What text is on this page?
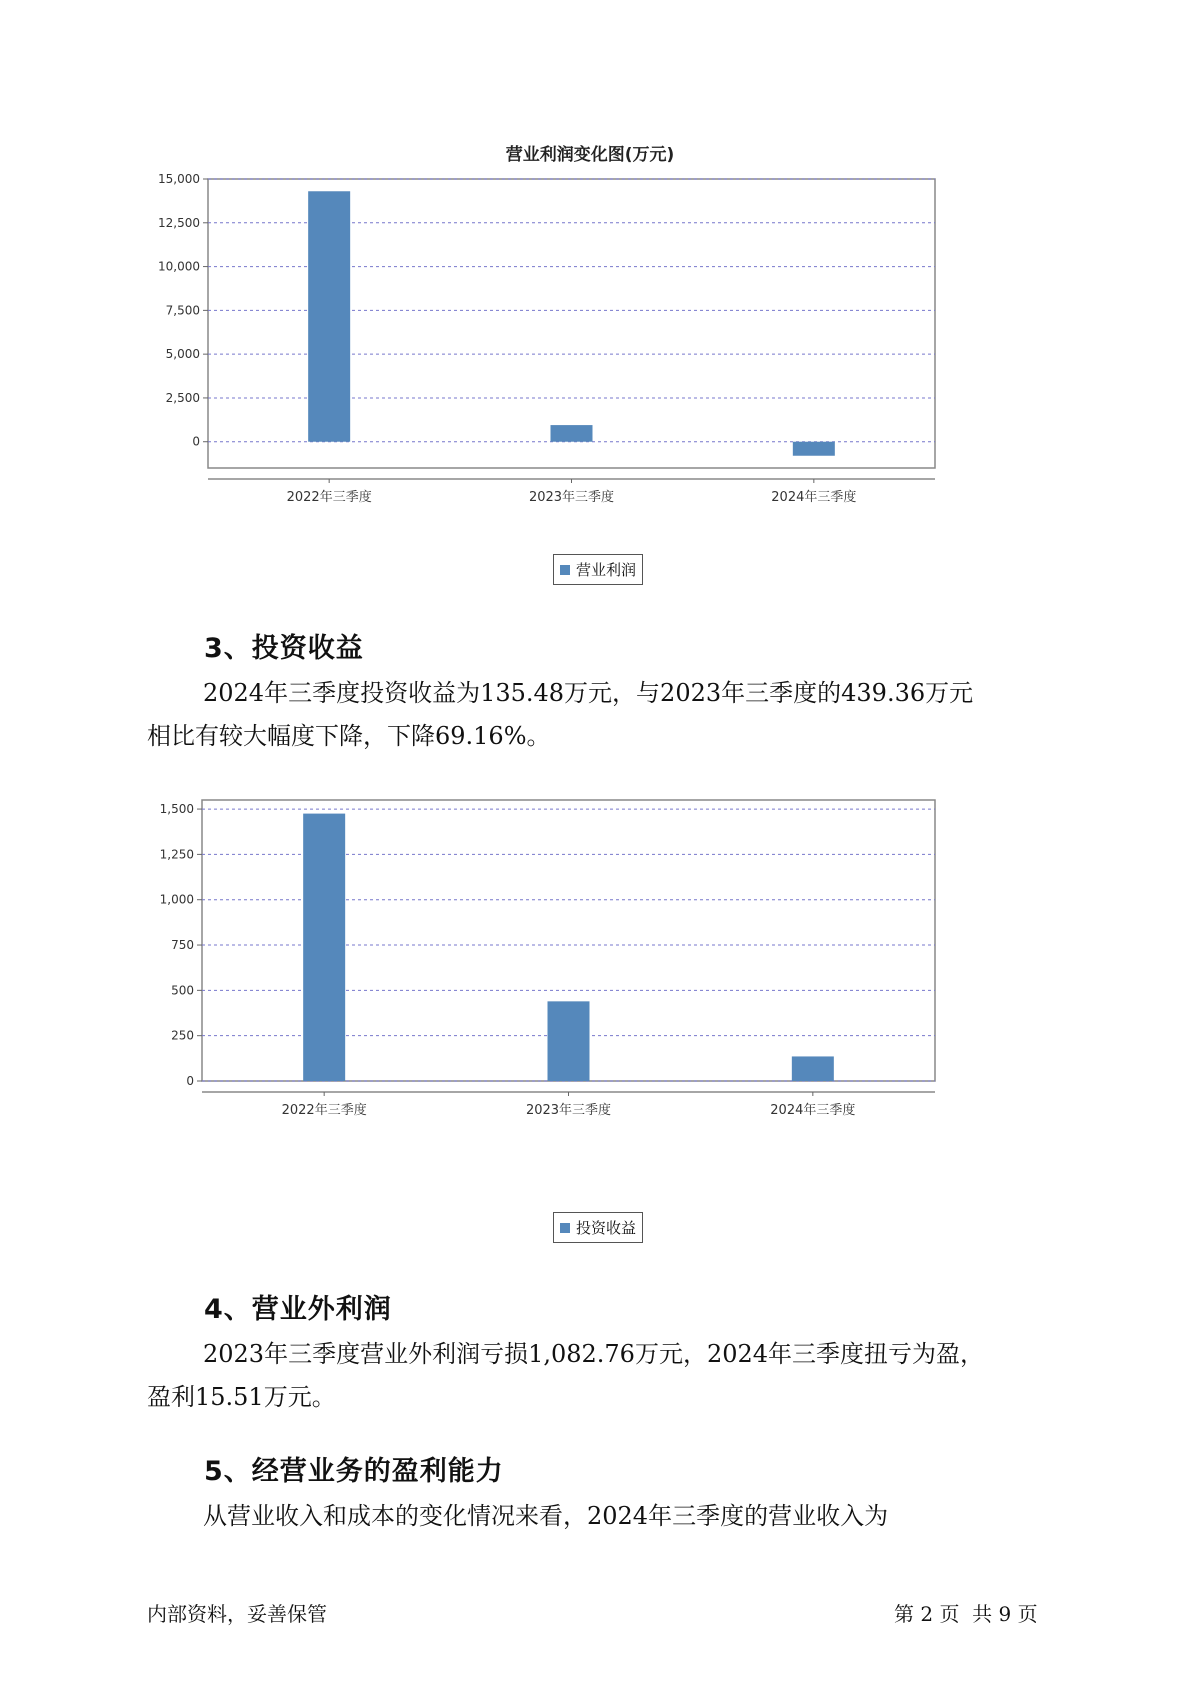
营业利润变化图(万元)
0
2,500
5,000
7,500
10,000
12,500
15,000
2022年三季度	2023年三季度	2024年三季度
营业利润
3、投资收益

2024年三季度投资收益为135.48万元，与2023年三季度的439.36万元
相比有较大幅度下降，下降69.16%。

0
250
500
750
1,000
1,250
1,500
2022年三季度	2023年三季度	2024年三季度
投资收益
4、营业外利润

2023年三季度营业外利润亏损1,082.76万元，2024年三季度扭亏为盈，
盈利15.51万元。

5、经营业务的盈利能力

从营业收入和成本的变化情况来看，2024年三季度的营业收入为

内部资料，妥善保管	第 2 页  共 9 页
